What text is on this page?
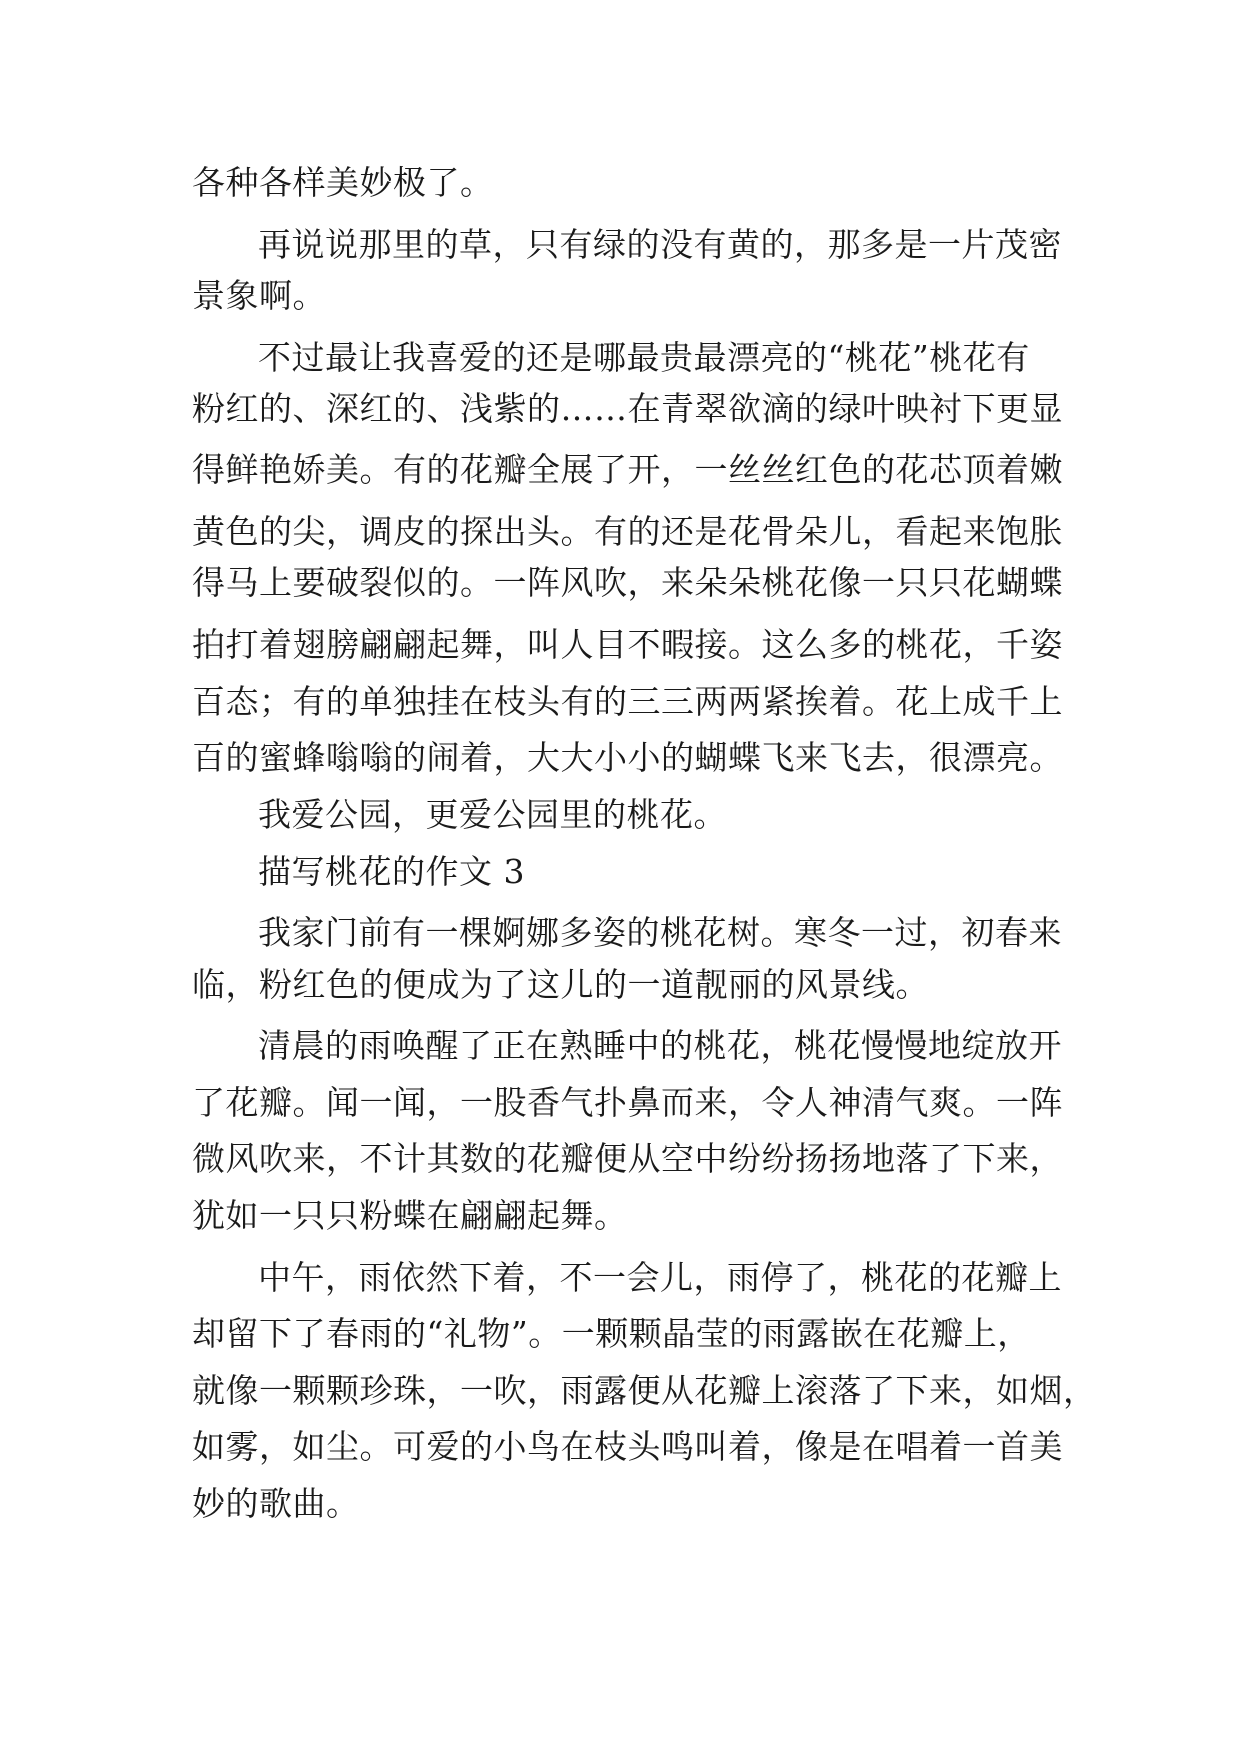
各种各样美妙极了。
再说说那里的草，只有绿的没有黄的，那多是一片茂密
景象啊。
不过最让我喜爱的还是哪最贵最漂亮的“桃花”桃花有
粉红的、深红的、浅紫的……在青翠欲滴的绿叶映衬下更显
得鲜艳娇美。有的花瓣全展了开，一丝丝红色的花芯顶着嫩
黄色的尖，调皮的探出头。有的还是花骨朵儿，看起来饱胀
得马上要破裂似的。一阵风吹，来朵朵桃花像一只只花蝴蝶
拍打着翅膀翩翩起舞，叫人目不暇接。这么多的桃花，千姿
百态；有的单独挂在枝头有的三三两两紧挨着。花上成千上
百的蜜蜂嗡嗡的闹着，大大小小的蝴蝶飞来飞去，很漂亮。
我爱公园，更爱公园里的桃花。
描写桃花的作文 3
我家门前有一棵婀娜多姿的桃花树。寒冬一过，初春来
临，粉红色的便成为了这儿的一道靓丽的风景线。
清晨的雨唤醒了正在熟睡中的桃花，桃花慢慢地绽放开
了花瓣。闻一闻，一股香气扑鼻而来，令人神清气爽。一阵
微风吹来，不计其数的花瓣便从空中纷纷扬扬地落了下来，
犹如一只只粉蝶在翩翩起舞。
中午，雨依然下着，不一会儿，雨停了，桃花的花瓣上
却留下了春雨的“礼物”。一颗颗晶莹的雨露嵌在花瓣上，
就像一颗颗珍珠，一吹，雨露便从花瓣上滚落了下来，如烟，
如雾，如尘。可爱的小鸟在枝头鸣叫着，像是在唱着一首美
妙的歌曲。
